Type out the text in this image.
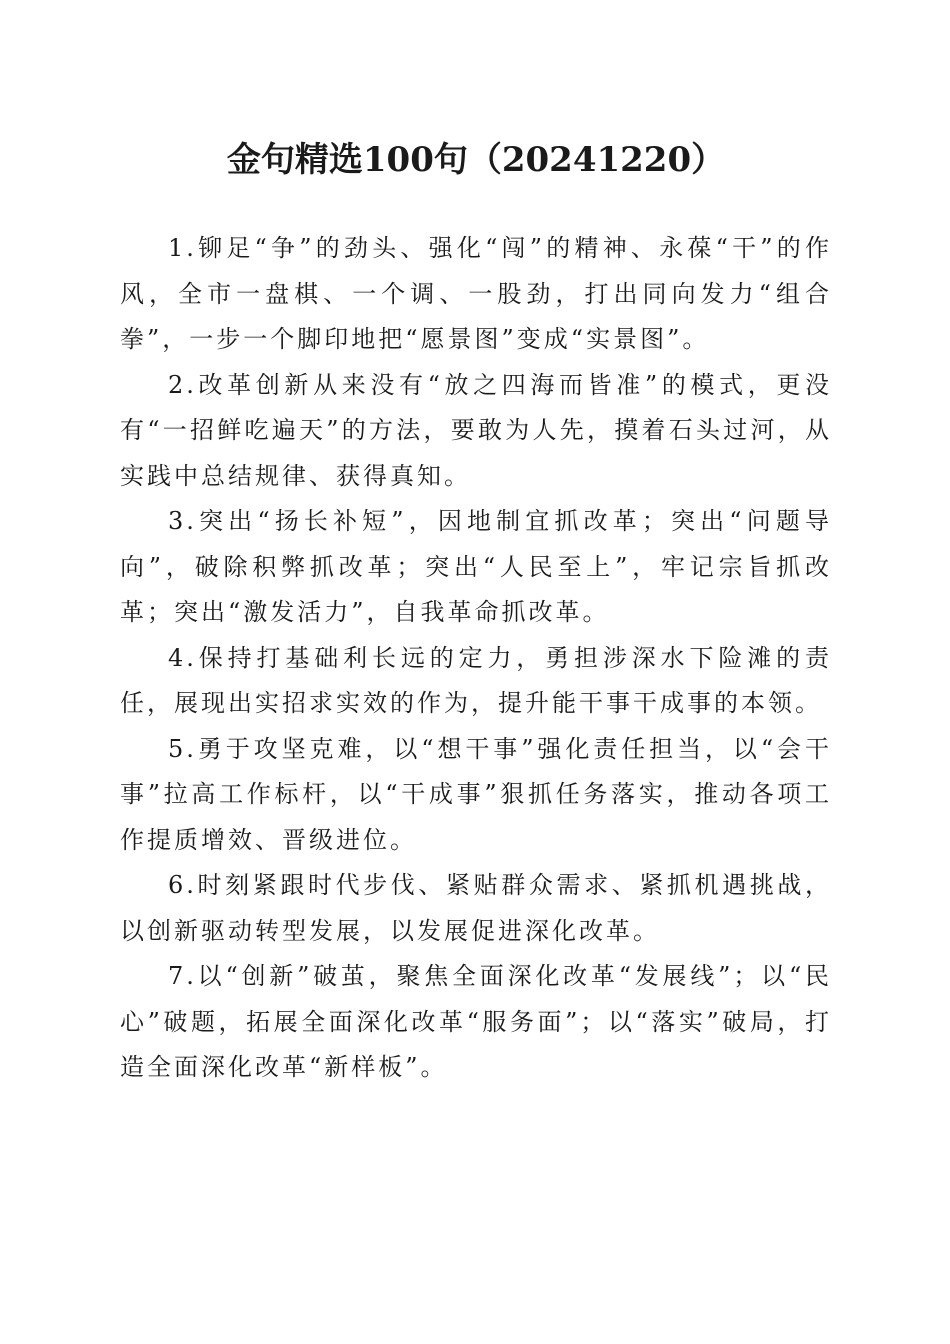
金句精选100句（20241220）

1.铆足“争”的劲头、强化“闯”的精神、永葆“干”的作风，全市一盘棋、一个调、一股劲，打出同向发力“组合拳”，一步一个脚印地把“愿景图”变成“实景图”。

2.改革创新从来没有“放之四海而皆准”的模式，更没有“一招鲜吃遍天”的方法，要敢为人先，摸着石头过河，从实践中总结规律、获得真知。

3.突出“扬长补短”，因地制宜抓改革；突出“问题导向”，破除积弊抓改革；突出“人民至上”，牢记宗旨抓改革；突出“激发活力”，自我革命抓改革。

4.保持打基础利长远的定力，勇担涉深水下险滩的责任，展现出实招求实效的作为，提升能干事干成事的本领。

5.勇于攻坚克难，以“想干事”强化责任担当，以“会干事”拉高工作标杆，以“干成事”狠抓任务落实，推动各项工作提质增效、晋级进位。

6.时刻紧跟时代步伐、紧贴群众需求、紧抓机遇挑战，以创新驱动转型发展，以发展促进深化改革。

7.以“创新”破茧，聚焦全面深化改革“发展线”；以“民心”破题，拓展全面深化改革“服务面”；以“落实”破局，打造全面深化改革“新样板”。
